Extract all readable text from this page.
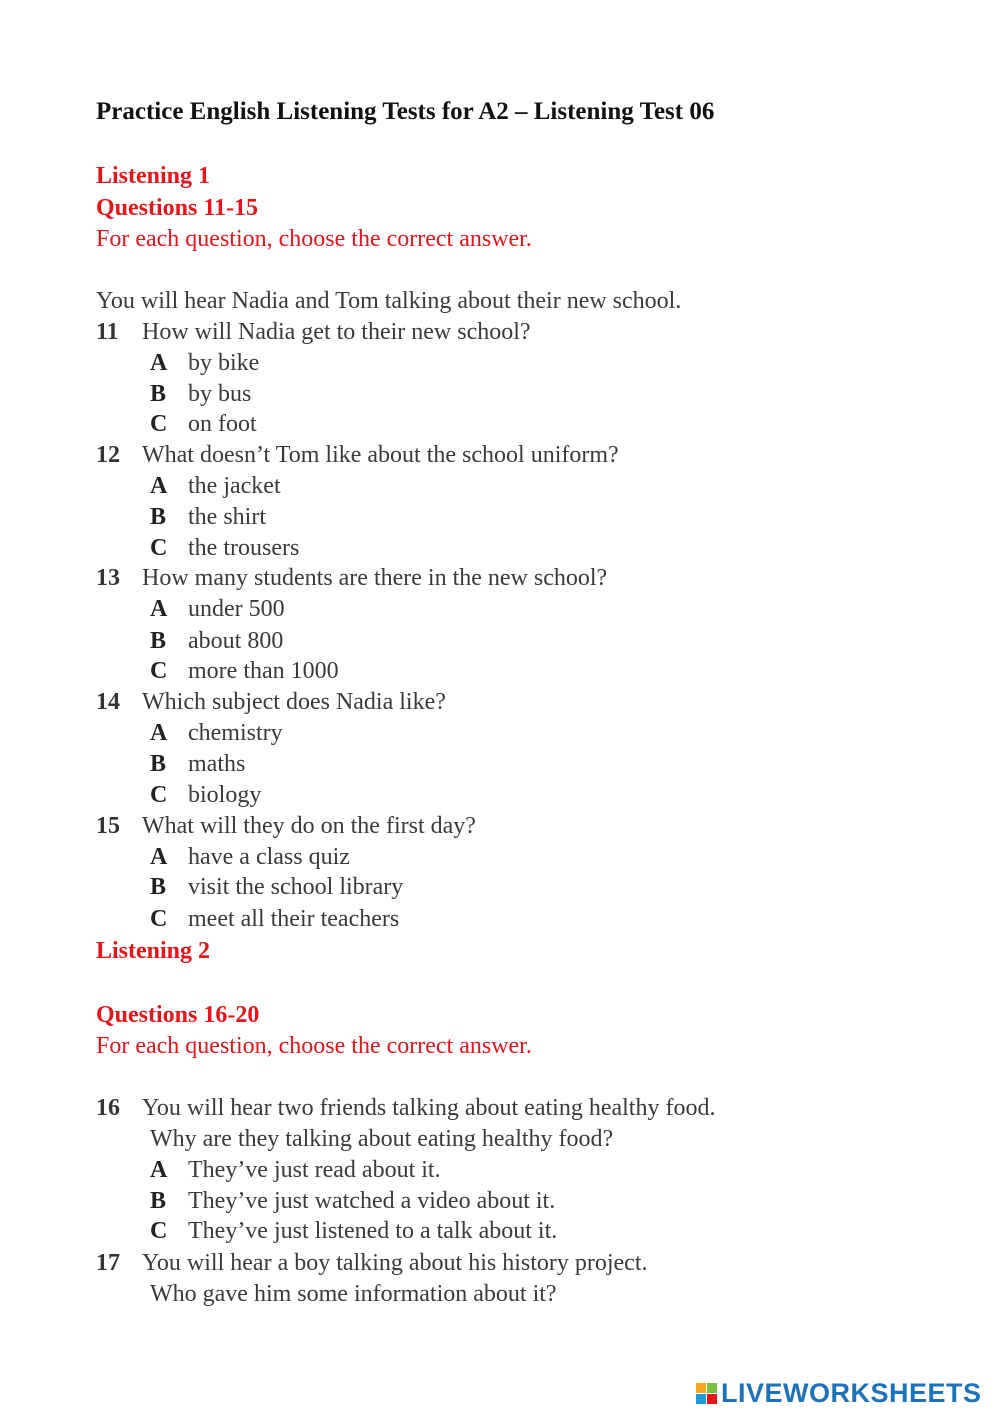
Practice English Listening Tests for A2 – Listening Test 06
Listening 1
Questions 11-15
For each question, choose the correct answer.
You will hear Nadia and Tom talking about their new school.
11 How will Nadia get to their new school?
A by bike
B by bus
C on foot
12 What doesn’t Tom like about the school uniform?
A the jacket
B the shirt
C the trousers
13 How many students are there in the new school?
A under 500
B about 800
C more than 1000
14 Which subject does Nadia like?
A chemistry
B maths
C biology
15 What will they do on the first day?
A have a class quiz
B visit the school library
C meet all their teachers
Listening 2
Questions 16-20
For each question, choose the correct answer.
16 You will hear two friends talking about eating healthy food.
Why are they talking about eating healthy food?
A They’ve just read about it.
B They’ve just watched a video about it.
C They’ve just listened to a talk about it.
17 You will hear a boy talking about his history project.
Who gave him some information about it?
LIVEWORKSHEETS
